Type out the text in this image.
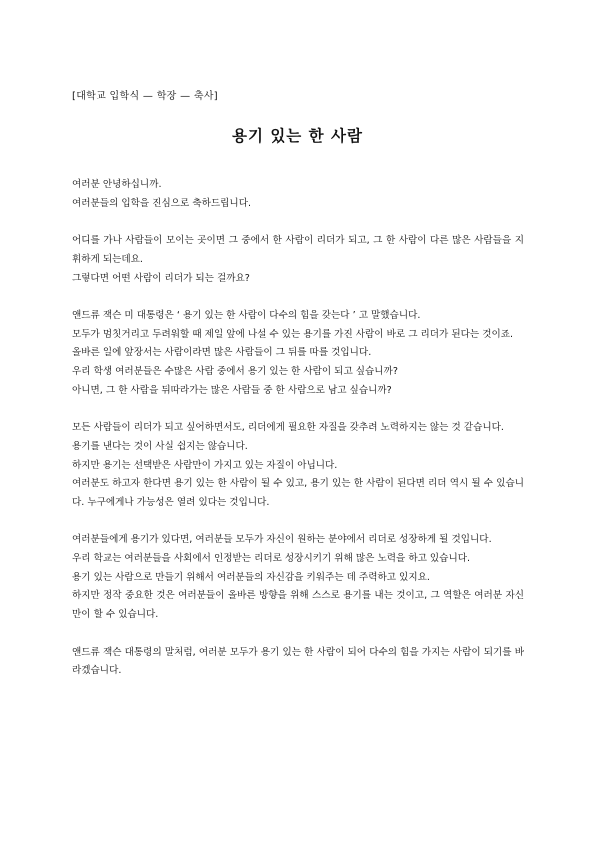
[대학교 입학식 — 학장 — 축사]
용기 있는 한 사람
여러분 안녕하십니까.
여러분들의 입학을 진심으로 축하드립니다.
어디를 가나 사람들이 모이는 곳이면 그 중에서 한 사람이 리더가 되고, 그 한 사람이 다른 많은 사람들을 지휘하게 되는데요.
그렇다면 어떤 사람이 리더가 되는 걸까요?
앤드류 잭슨 미 대통령은 ‘ 용기 있는 한 사람이 다수의 힘을 갖는다 ’ 고 말했습니다.
모두가 멈칫거리고 두려워할 때 제일 앞에 나설 수 있는 용기를 가진 사람이 바로 그 리더가 된다는 것이죠.
올바른 일에 앞장서는 사람이라면 많은 사람들이 그 뒤를 따를 것입니다.
우리 학생 여러분들은 수많은 사람 중에서 용기 있는 한 사람이 되고 싶습니까?
아니면, 그 한 사람을 뒤따라가는 많은 사람들 중 한 사람으로 남고 싶습니까?
모든 사람들이 리더가 되고 싶어하면서도, 리더에게 필요한 자질을 갖추려 노력하지는 않는 것 같습니다.
용기를 낸다는 것이 사실 쉽지는 않습니다.
하지만 용기는 선택받은 사람만이 가지고 있는 자질이 아닙니다.
여러분도 하고자 한다면 용기 있는 한 사람이 될 수 있고, 용기 있는 한 사람이 된다면 리더 역시 될 수 있습니다. 누구에게나 가능성은 열려 있다는 것입니다.
여러분들에게 용기가 있다면, 여러분들 모두가 자신이 원하는 분야에서 리더로 성장하게 될 것입니다.
우리 학교는 여러분들을 사회에서 인정받는 리더로 성장시키기 위해 많은 노력을 하고 있습니다.
용기 있는 사람으로 만들기 위해서 여러분들의 자신감을 키워주는 데 주력하고 있지요.
하지만 정작 중요한 것은 여러분들이 올바른 방향을 위해 스스로 용기를 내는 것이고, 그 역할은 여러분 자신만이 할 수 있습니다.
앤드류 잭슨 대통령의 말처럼, 여러분 모두가 용기 있는 한 사람이 되어 다수의 힘을 가지는 사람이 되기를 바라겠습니다.
